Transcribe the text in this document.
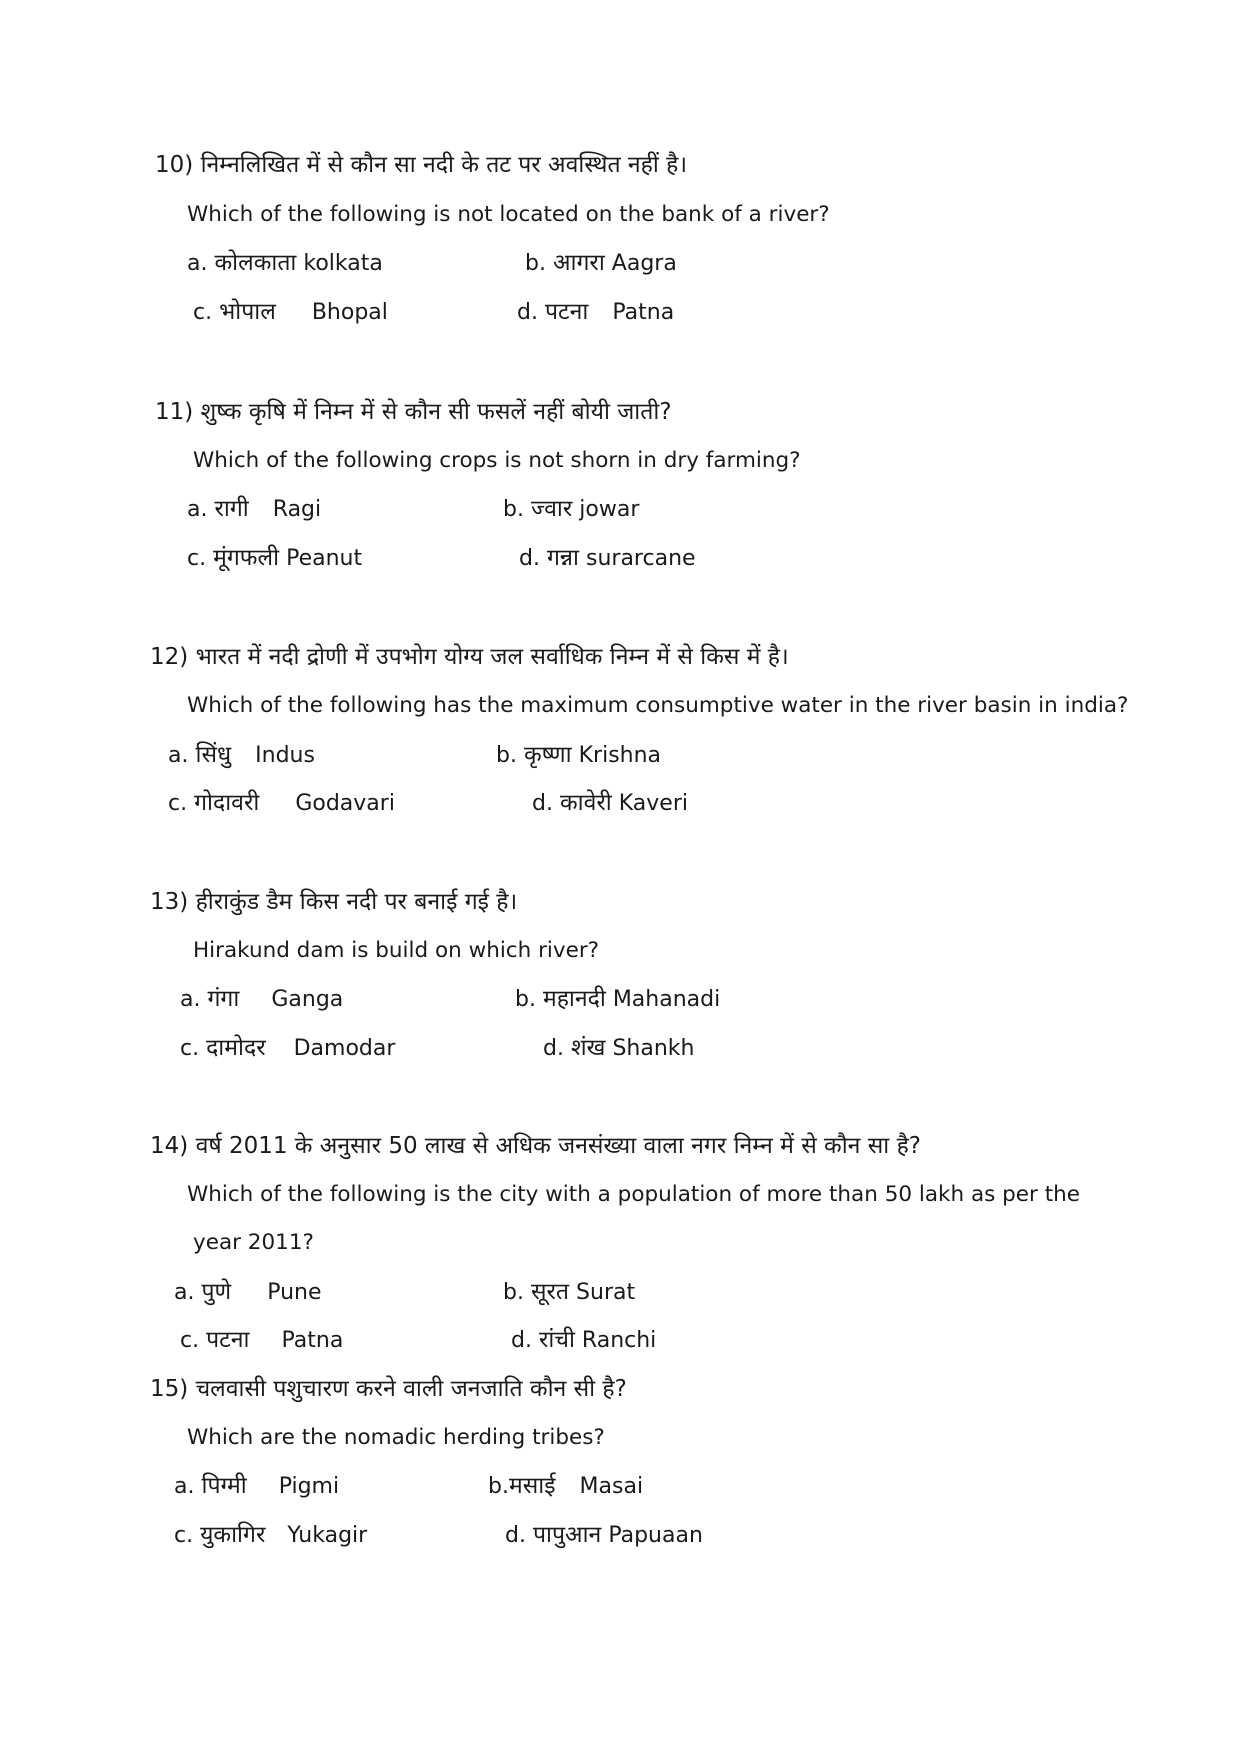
10) निम्नलिखित में से कौन सा नदी के तट पर अवस्थित नहीं है।
Which of the following is not located on the bank of a river?
a. कोलकाता kolkata	b. आगरा Aagra
c. भोपाल Bhopal	d. पटना Patna
11) शुष्क कृषि में निम्न में से कौन सी फसलें नहीं बोयी जाती?
Which of the following crops is not shorn in dry farming?
a. रागी Ragi	b. ज्वार jowar
c. मूंगफली Peanut	d. गन्ना surarcane
12) भारत में नदी द्रोणी में उपभोग योग्य जल सर्वाधिक निम्न में से किस में है।
Which of the following has the maximum consumptive water in the river basin in india?
a. सिंधु Indus	b. कृष्णा Krishna
c. गोदावरी Godavari	d. कावेरी Kaveri
13) हीराकुंड डैम किस नदी पर बनाई गई है।
Hirakund dam is build on which river?
a. गंगा Ganga	b. महानदी Mahanadi
c. दामोदर Damodar	d. शंख Shankh
14) वर्ष 2011 के अनुसार 50 लाख से अधिक जनसंख्या वाला नगर निम्न में से कौन सा है?
Which of the following is the city with a population of more than 50 lakh as per the
year 2011?
a. पुणे Pune	b. सूरत Surat
c. पटना Patna	d. रांची Ranchi
15) चलवासी पशुचारण करने वाली जनजाति कौन सी है?
Which are the nomadic herding tribes?
a. पिग्मी Pigmi	b.मसाई Masai
c. युकागिर Yukagir	d. पापुआन Papuaan
